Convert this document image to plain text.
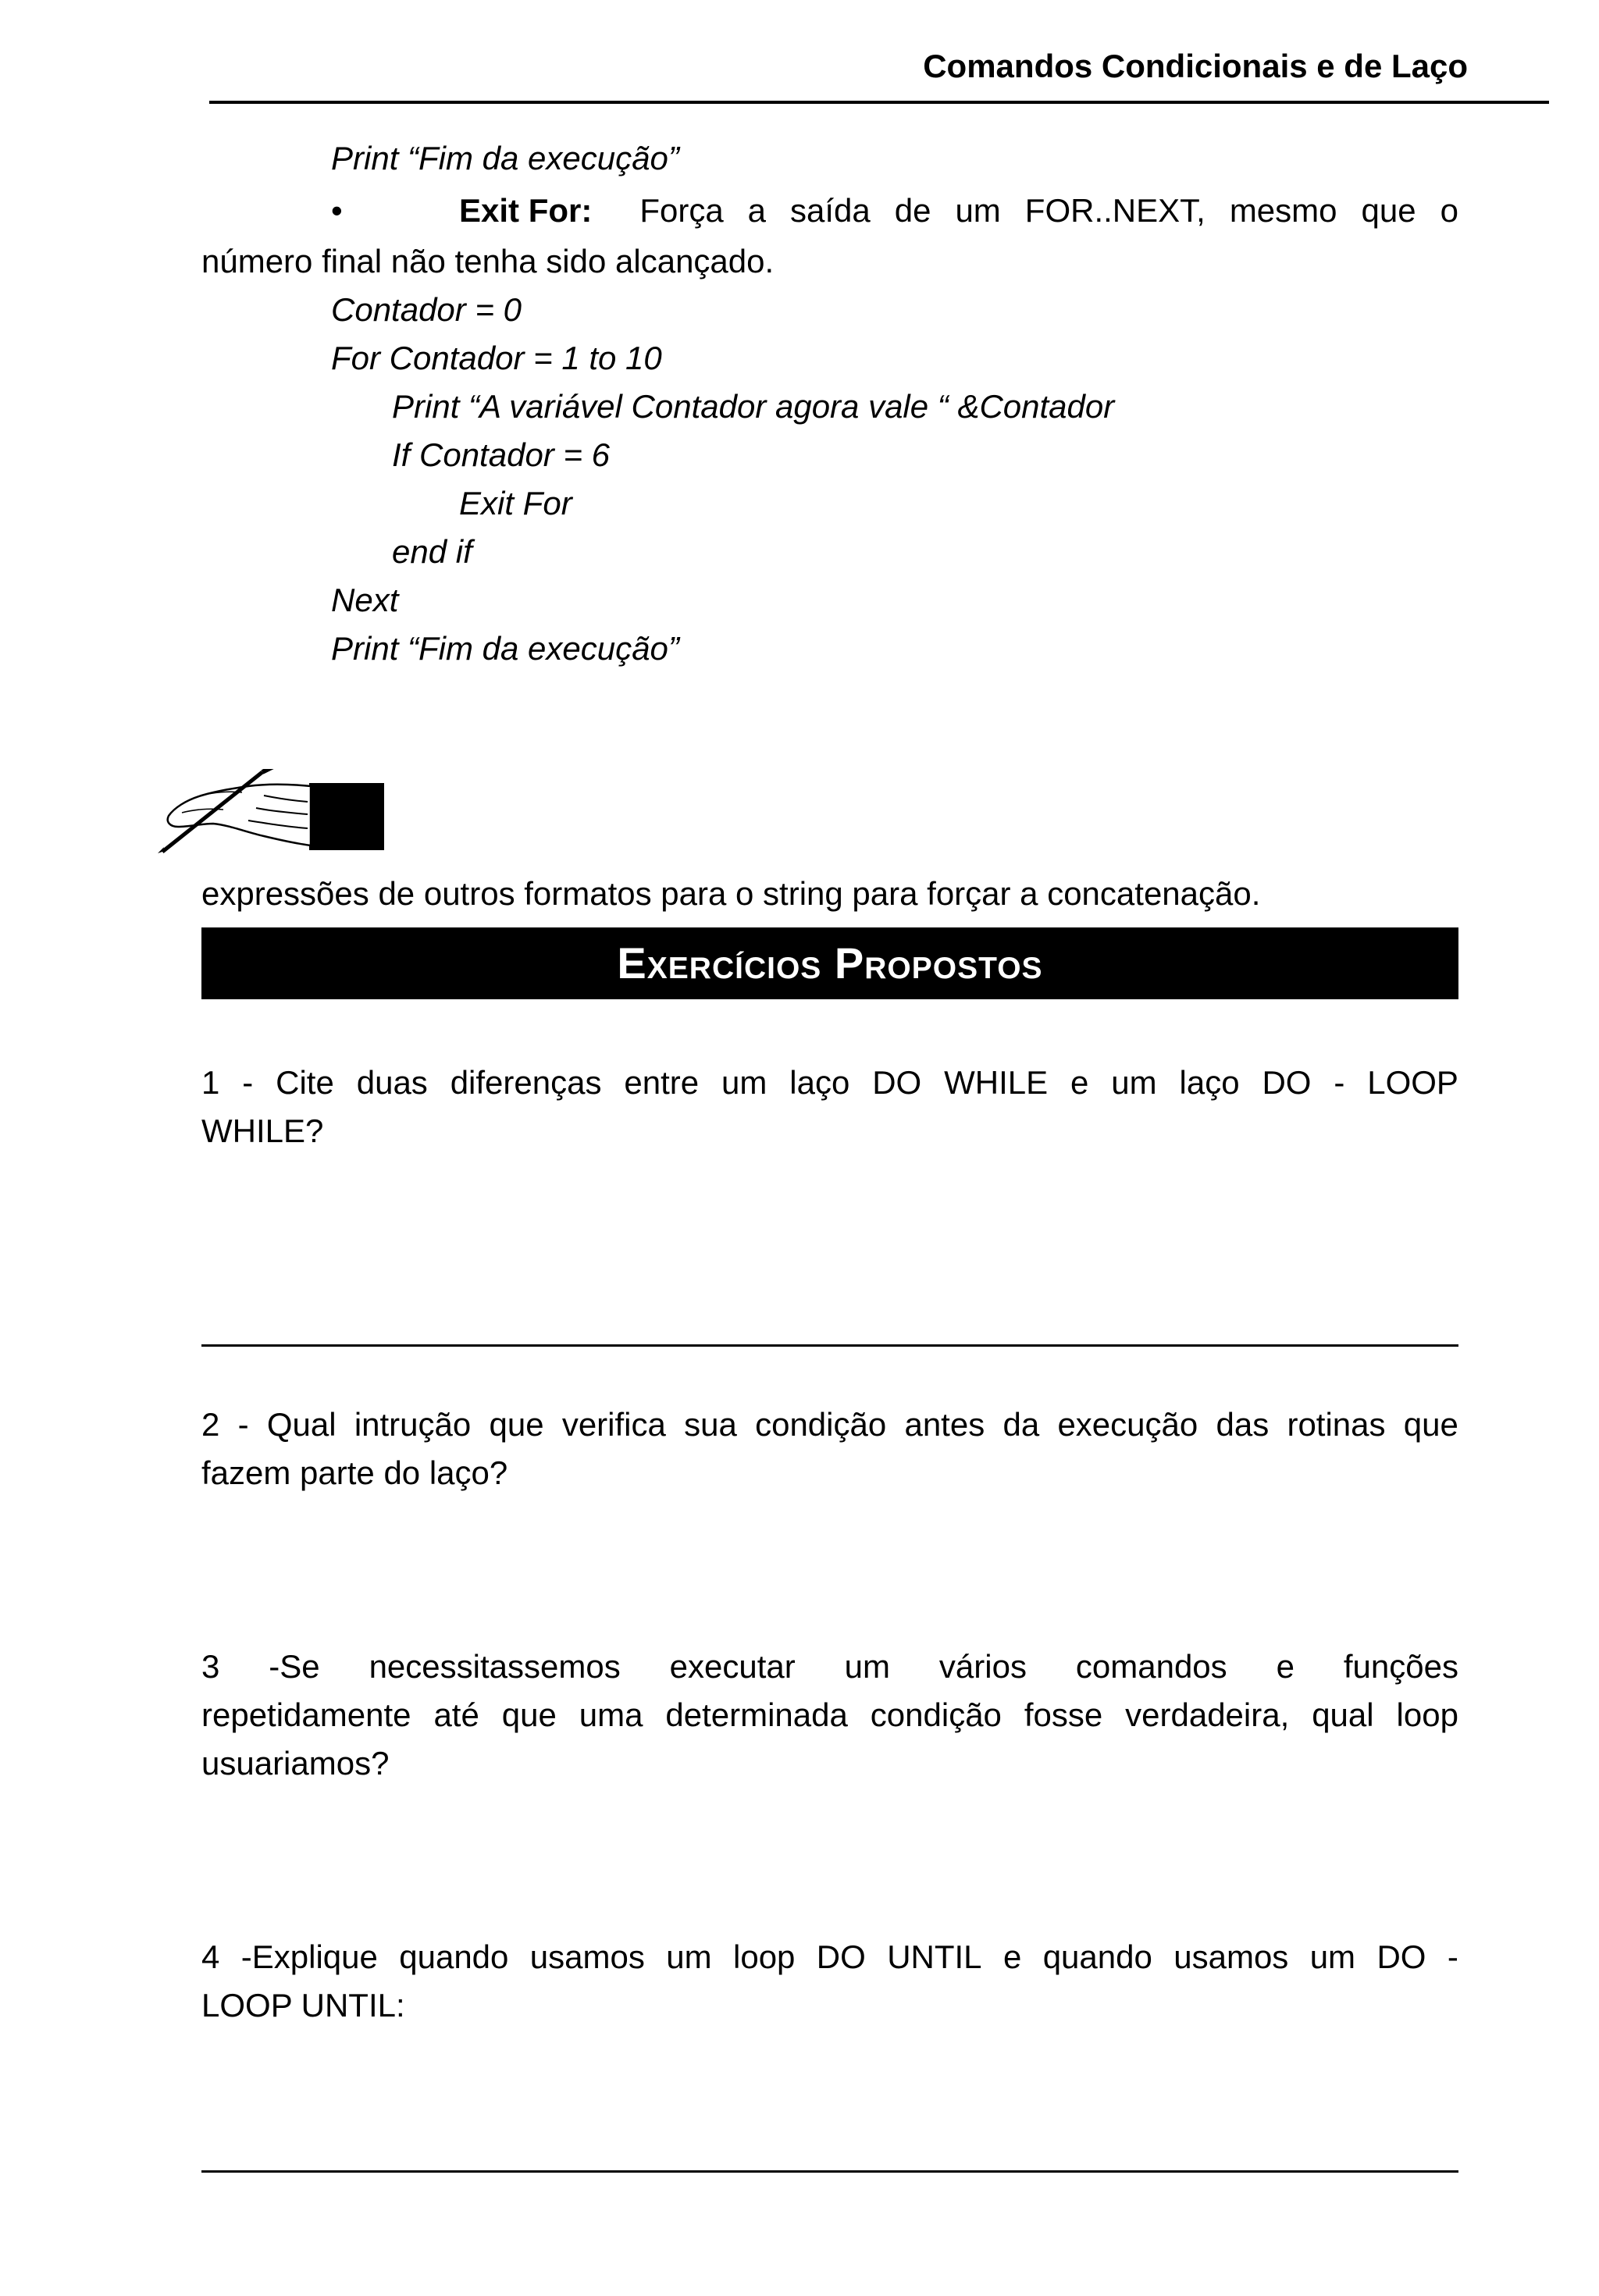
Comandos Condicionais e de Laço
Print “Fim da execução”
•	Exit For: Força a saída de um FOR..NEXT, mesmo que o
número final não tenha sido alcançado.
Contador = 0
For Contador = 1 to 10
Print “A variável Contador agora vale “ &Contador
If Contador = 6
Exit For
end if
Next
Print “Fim da execução”
expressões de outros formatos para o string para forçar a concatenação.
Exercícios Propostos
1 - Cite duas diferenças entre um laço DO WHILE e um laço DO - LOOP
WHILE?
2 - Qual intrução que verifica sua condição antes da execução das rotinas que
fazem parte do laço?
3 -Se necessitassemos executar um vários comandos e funções
repetidamente até que uma determinada condição fosse verdadeira, qual loop
usuariamos?
4 -Explique quando usamos um loop DO UNTIL e quando usamos um DO -
LOOP UNTIL:
